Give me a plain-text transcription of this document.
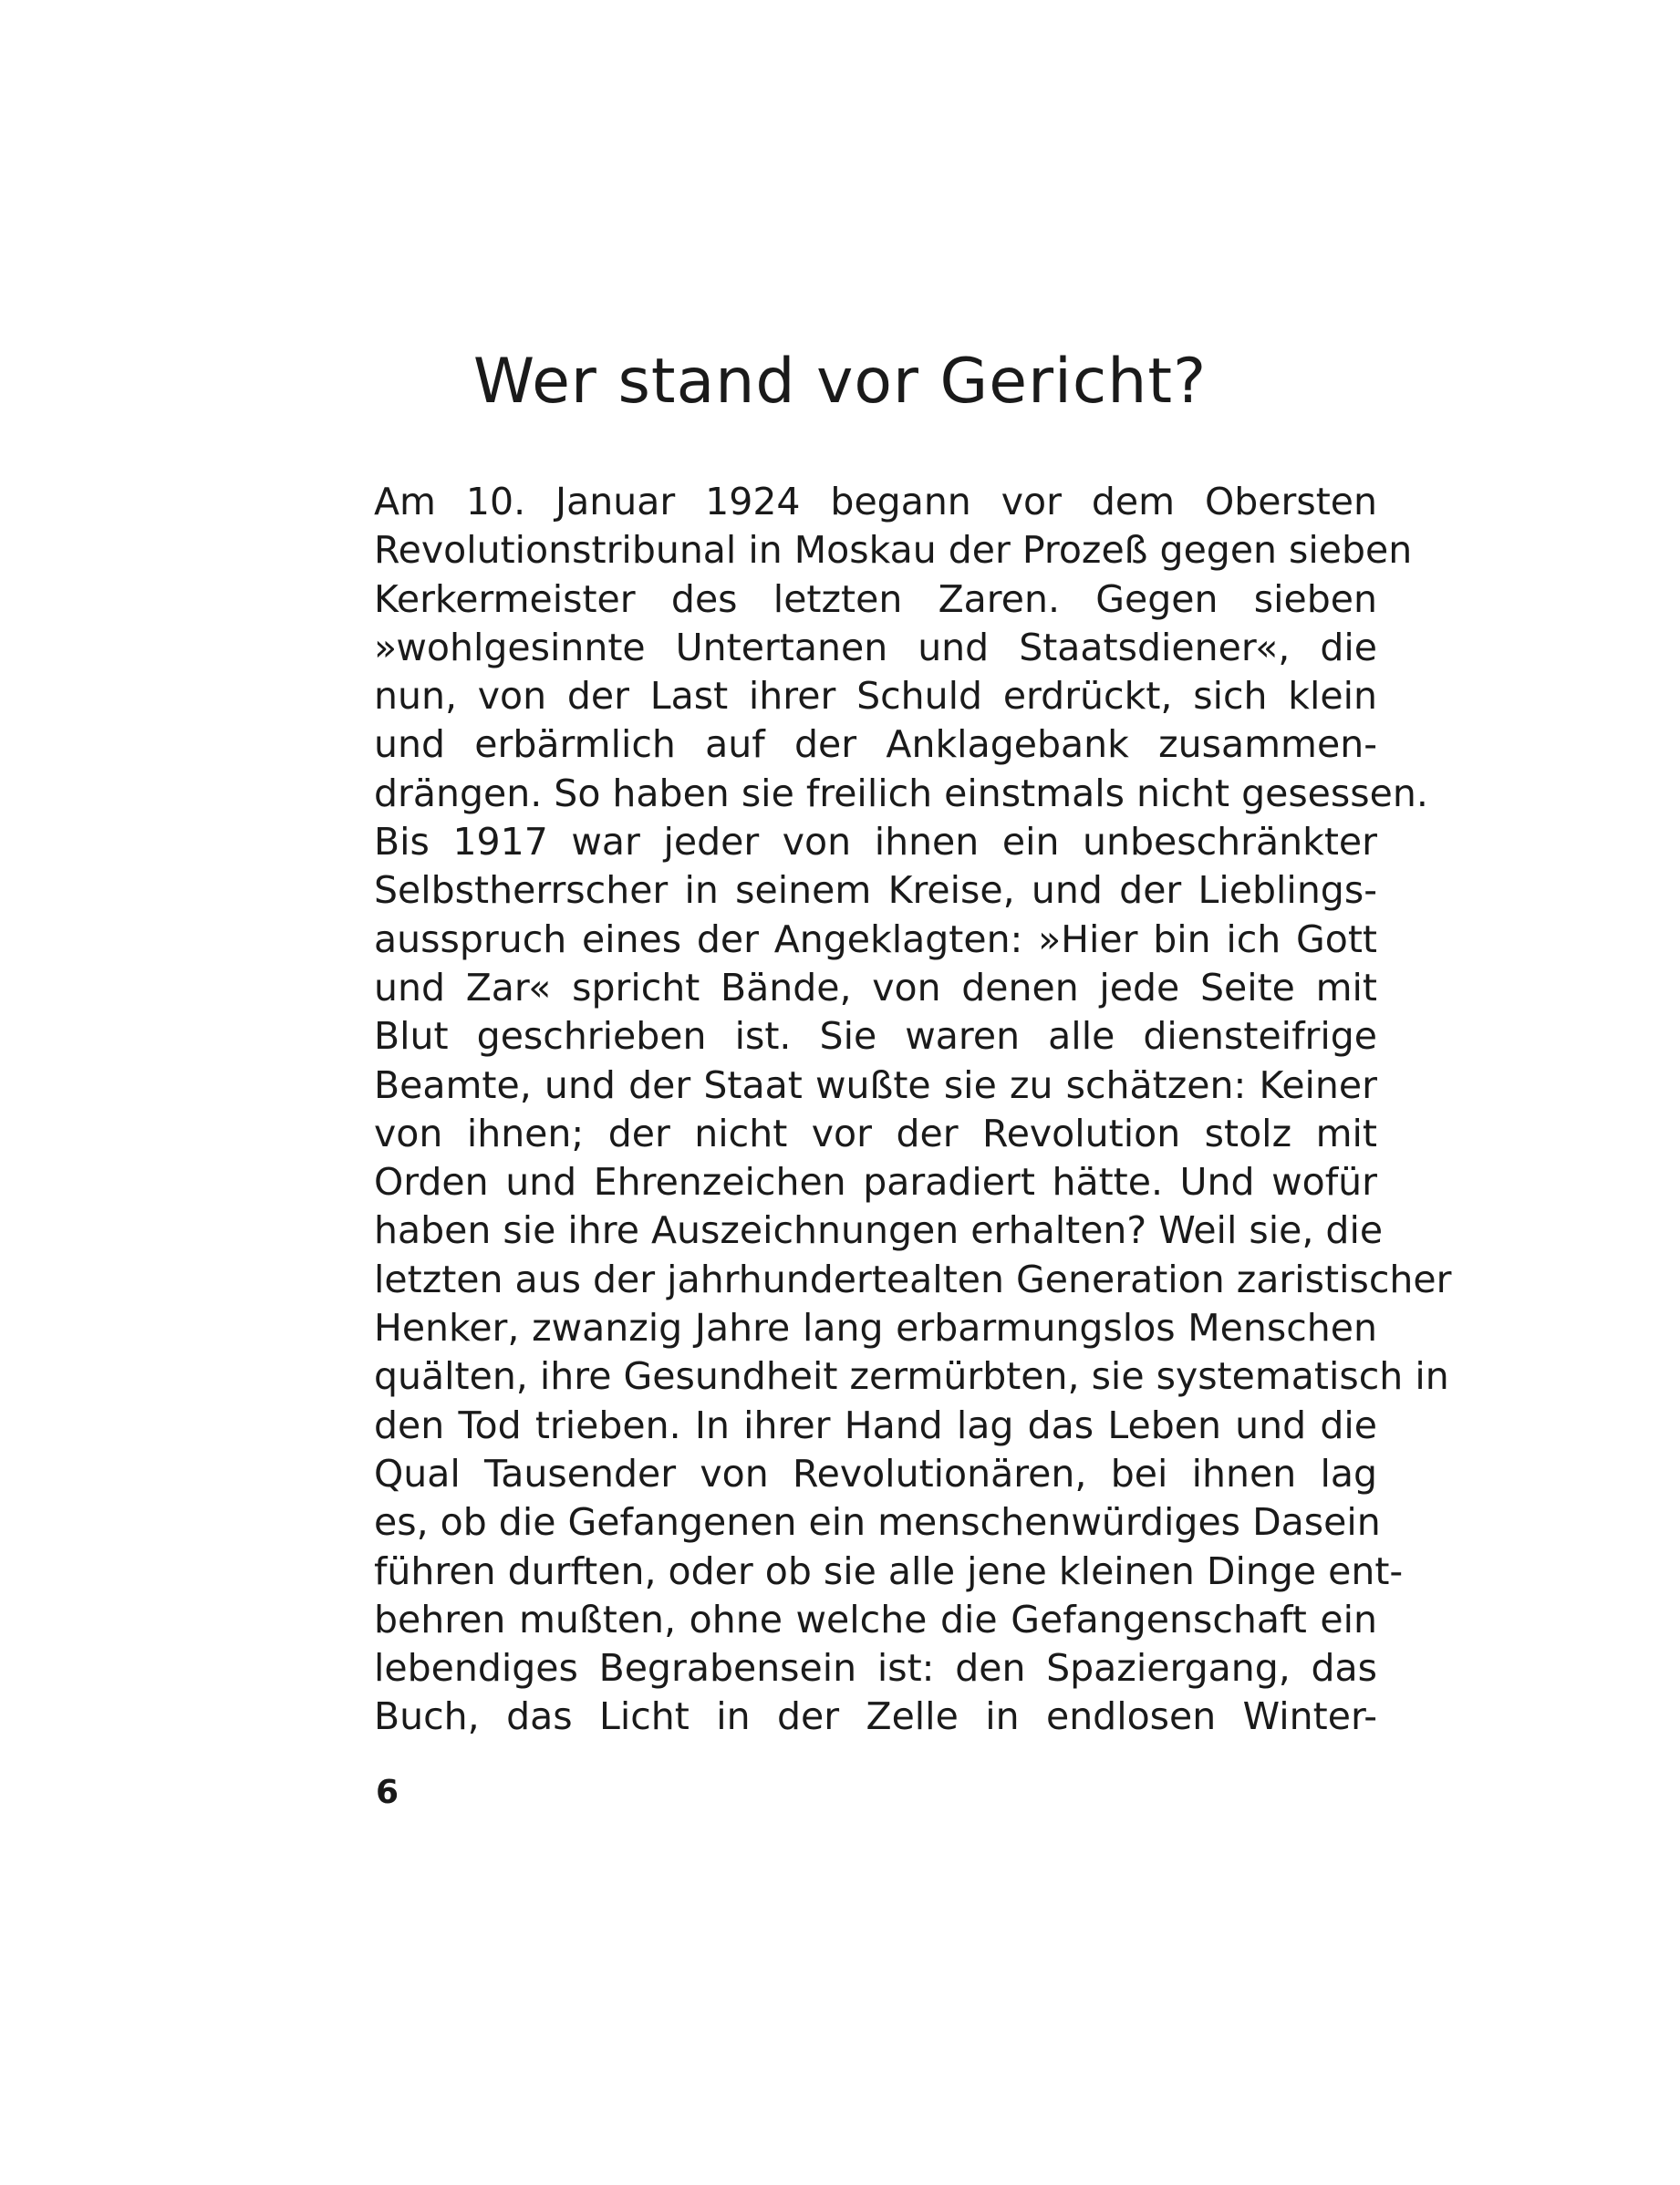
Wer stand vor Gericht?
Am 10. Januar 1924 begann vor dem Obersten
Revolutionstribunal in Moskau der Prozeß gegen sieben
Kerkermeister des letzten Zaren. Gegen sieben
»wohlgesinnte Untertanen und Staatsdiener«, die
nun, von der Last ihrer Schuld erdrückt, sich klein
und erbärmlich auf der Anklagebank zusammen-
drängen. So haben sie freilich einstmals nicht gesessen.
Bis 1917 war jeder von ihnen ein unbeschränkter
Selbstherrscher in seinem Kreise, und der Lieblings-
ausspruch eines der Angeklagten: »Hier bin ich Gott
und Zar« spricht Bände, von denen jede Seite mit
Blut geschrieben ist. Sie waren alle diensteifrige
Beamte, und der Staat wußte sie zu schätzen: Keiner
von ihnen; der nicht vor der Revolution stolz mit
Orden und Ehrenzeichen paradiert hätte. Und wofür
haben sie ihre Auszeichnungen erhalten? Weil sie, die
letzten aus der jahrhundertealten Generation zaristischer
Henker, zwanzig Jahre lang erbarmungslos Menschen
quälten, ihre Gesundheit zermürbten, sie systematisch in
den Tod trieben. In ihrer Hand lag das Leben und die
Qual Tausender von Revolutionären, bei ihnen lag
es, ob die Gefangenen ein menschenwürdiges Dasein
führen durften, oder ob sie alle jene kleinen Dinge ent-
behren mußten, ohne welche die Gefangenschaft ein
lebendiges Begrabensein ist: den Spaziergang, das
Buch, das Licht in der Zelle in endlosen Winter-
6
